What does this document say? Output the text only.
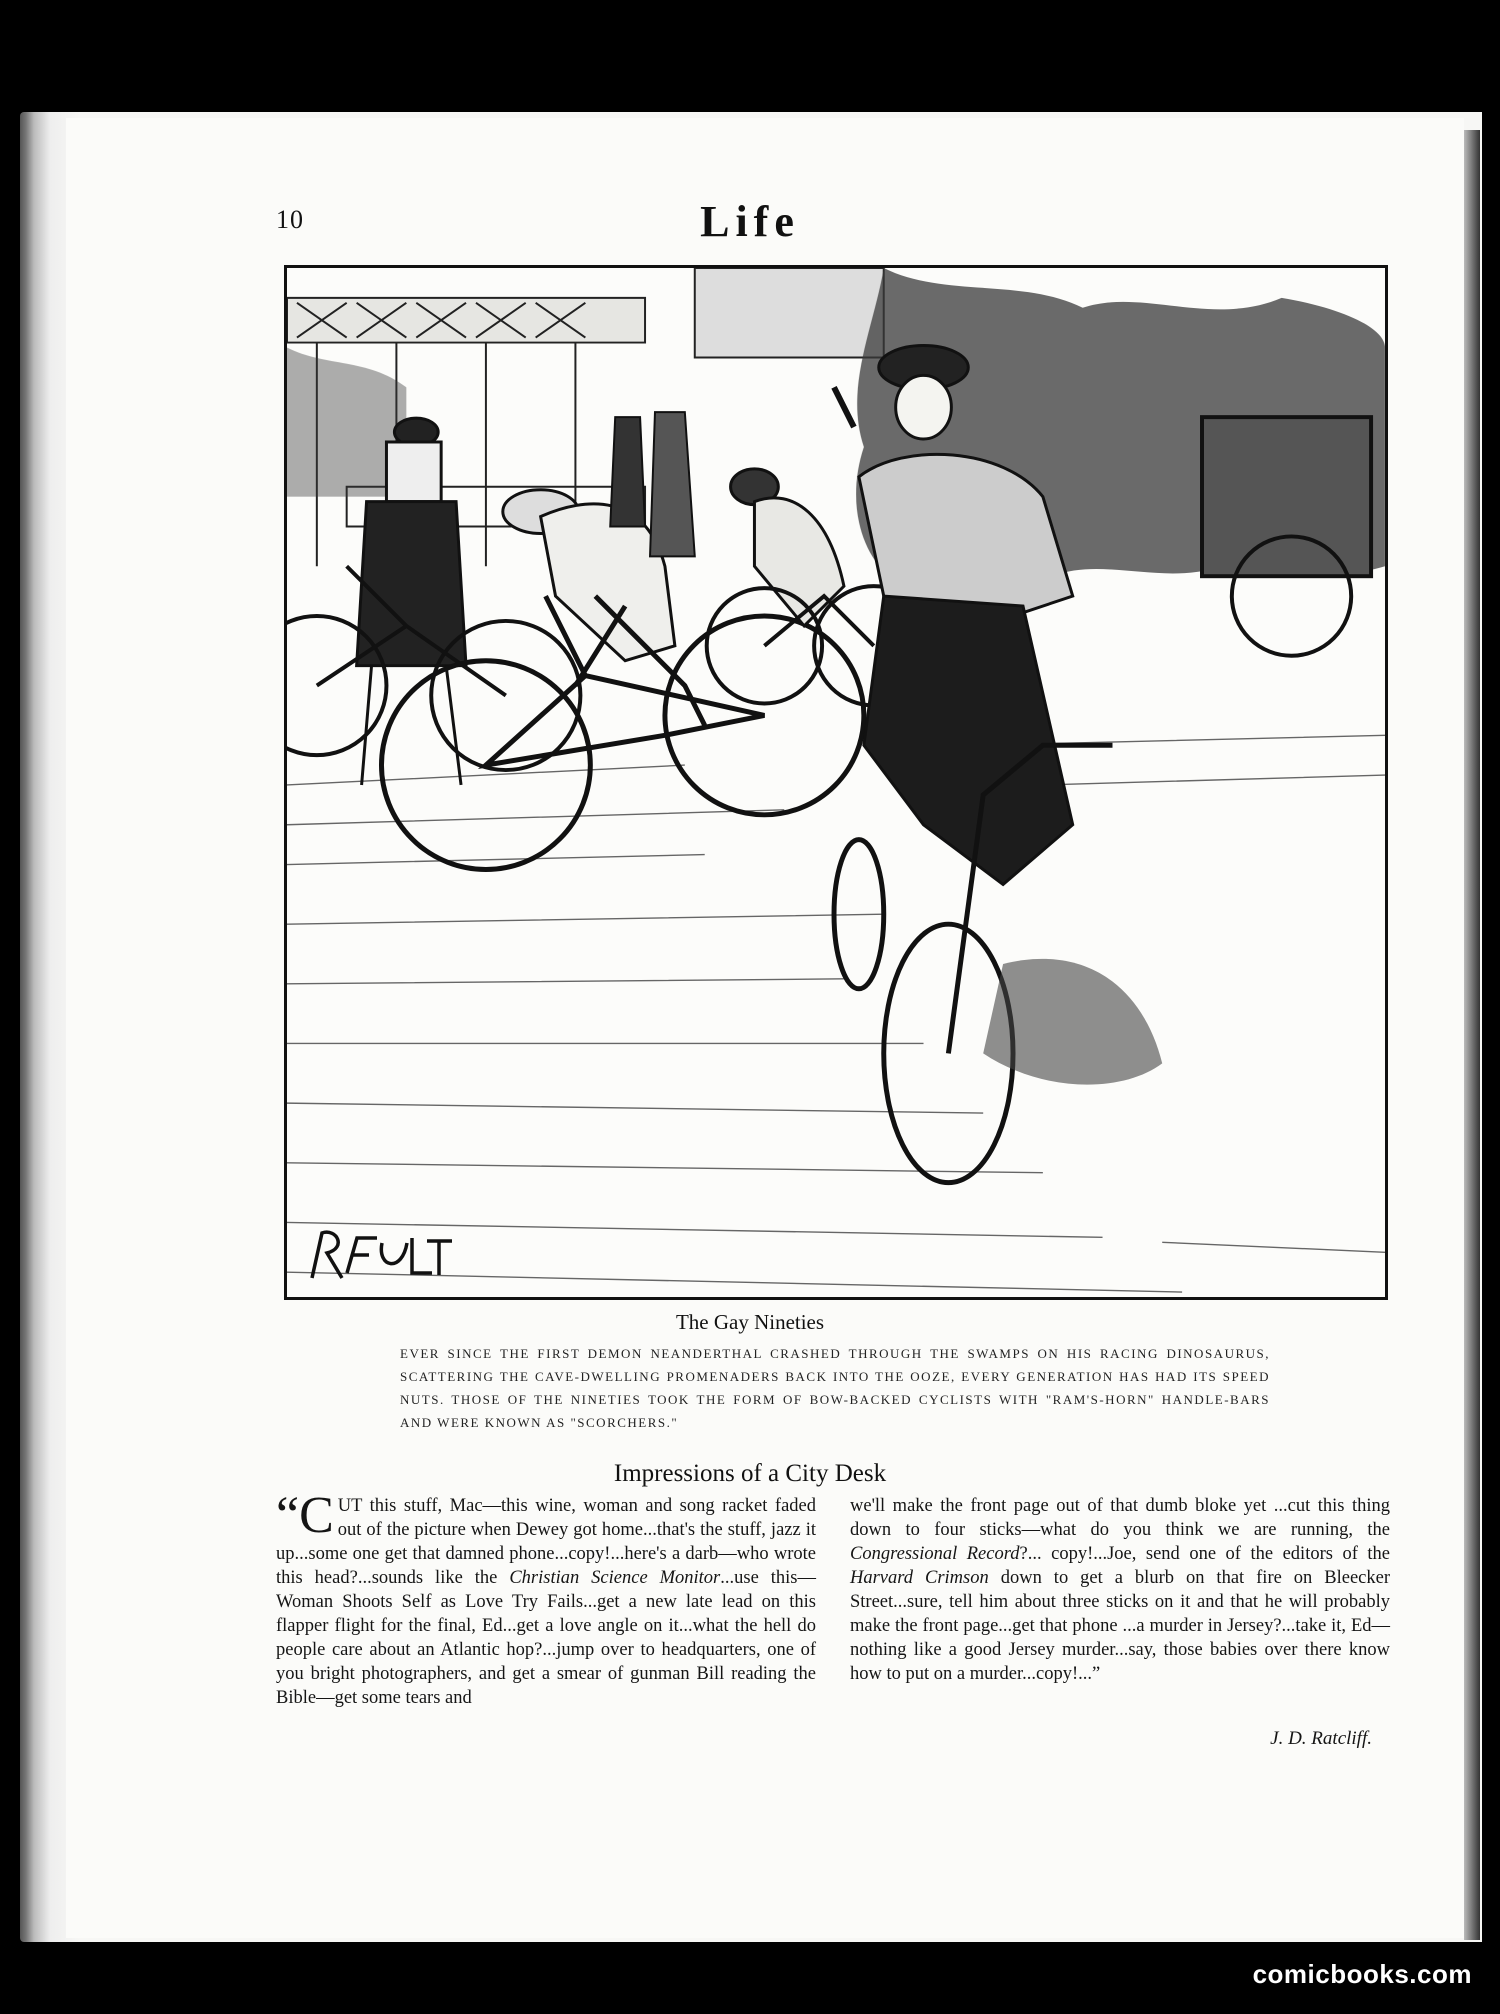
10	Life
The Gay Nineties
EVER SINCE THE FIRST DEMON NEANDERTHAL CRASHED THROUGH THE SWAMPS ON HIS RACING DINOSAURUS, SCATTERING THE CAVE-DWELLING PROMENADERS BACK INTO THE OOZE, EVERY GENERATION HAS HAD ITS SPEED NUTS. THOSE OF THE NINETIES TOOK THE FORM OF BOW-BACKED CYCLISTS WITH "RAM'S-HORN" HANDLE-BARS AND WERE KNOWN AS "SCORCHERS."
Impressions of a City Desk
“CUT this stuff, Mac—this wine, woman and song racket faded out of the picture when Dewey got home...that's the stuff, jazz it up...some one get that damned phone...copy!...here's a darb—who wrote this head?...sounds like the Christian Science Monitor...use this—Woman Shoots Self as Love Try Fails...get a new late lead on this flapper flight for the final, Ed...get a love angle on it...what the hell do people care about an Atlantic hop?...jump over to headquarters, one of you bright photographers, and get a smear of gunman Bill reading the Bible—get some tears and
we'll make the front page out of that dumb bloke yet ...cut this thing down to four sticks—what do you think we are running, the Congressional Record?... copy!...Joe, send one of the editors of the Harvard Crimson down to get a blurb on that fire on Bleecker Street...sure, tell him about three sticks on it and that he will probably make the front page...get that phone ...a murder in Jersey?...take it, Ed—nothing like a good Jersey murder...say, those babies over there know how to put on a murder...copy!...”
J. D. Ratcliff.
comicbooks.com
